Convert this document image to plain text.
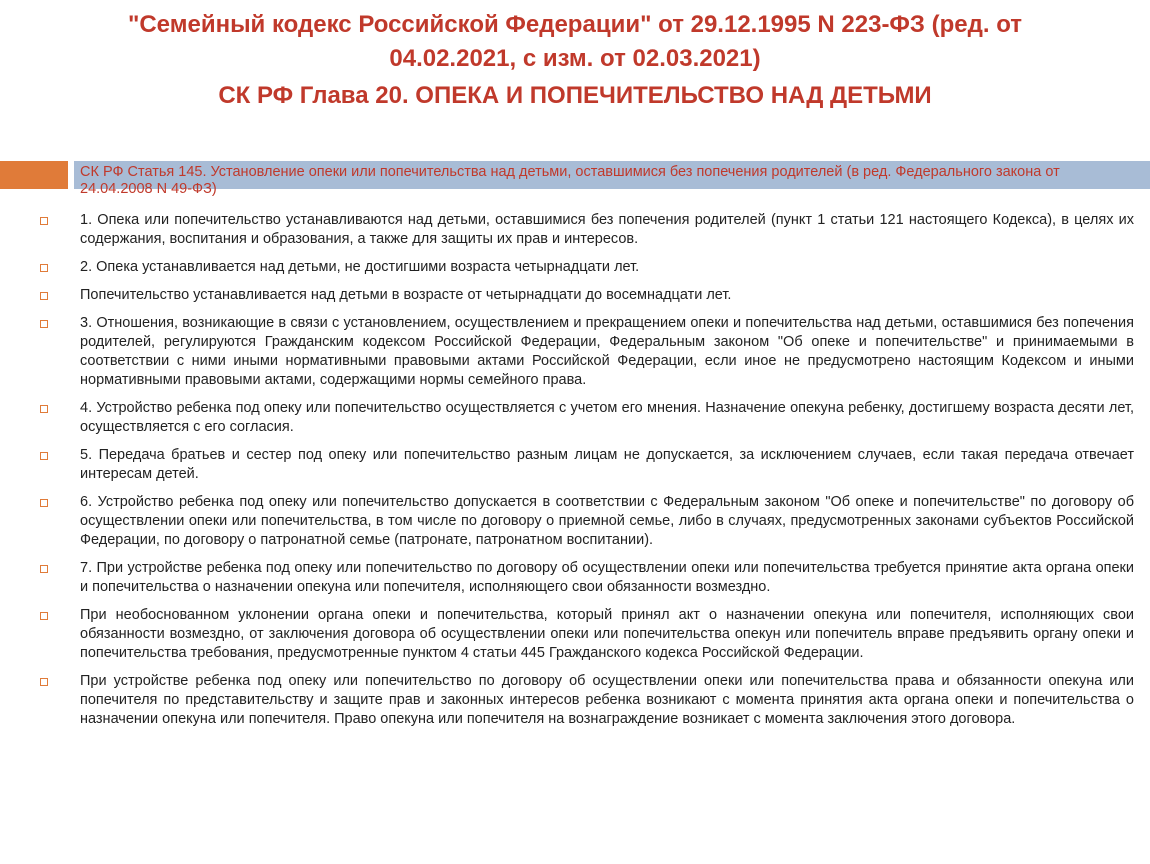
"Семейный кодекс Российской Федерации" от 29.12.1995 N 223-ФЗ (ред. от
04.02.2021, с изм. от 02.03.2021)
СК РФ Глава 20. ОПЕКА И ПОПЕЧИТЕЛЬСТВО НАД ДЕТЬМИ

СК РФ Статья 145. Установление опеки или попечительства над детьми, оставшимися без попечения родителей (в ред. Федерального закона от 24.04.2008 N 49-ФЗ)

1. Опека или попечительство устанавливаются над детьми, оставшимися без попечения родителей (пункт 1 статьи 121 настоящего Кодекса), в целях их содержания, воспитания и образования, а также для защиты их прав и интересов.
2. Опека устанавливается над детьми, не достигшими возраста четырнадцати лет.
Попечительство устанавливается над детьми в возрасте от четырнадцати до восемнадцати лет.
3. Отношения, возникающие в связи с установлением, осуществлением и прекращением опеки и попечительства над детьми, оставшимися без попечения родителей, регулируются Гражданским кодексом Российской Федерации, Федеральным законом "Об опеке и попечительстве" и принимаемыми в соответствии с ними иными нормативными правовыми актами Российской Федерации, если иное не предусмотрено настоящим Кодексом и иными нормативными правовыми актами, содержащими нормы семейного права.
4. Устройство ребенка под опеку или попечительство осуществляется с учетом его мнения. Назначение опекуна ребенку, достигшему возраста десяти лет, осуществляется с его согласия.
5. Передача братьев и сестер под опеку или попечительство разным лицам не допускается, за исключением случаев, если такая передача отвечает интересам детей.
6. Устройство ребенка под опеку или попечительство допускается в соответствии с Федеральным законом "Об опеке и попечительстве" по договору об осуществлении опеки или попечительства, в том числе по договору о приемной семье, либо в случаях, предусмотренных законами субъектов Российской Федерации, по договору о патронатной семье (патронате, патронатном воспитании).
7. При устройстве ребенка под опеку или попечительство по договору об осуществлении опеки или попечительства требуется принятие акта органа опеки и попечительства о назначении опекуна или попечителя, исполняющего свои обязанности возмездно.
При необоснованном уклонении органа опеки и попечительства, который принял акт о назначении опекуна или попечителя, исполняющих свои обязанности возмездно, от заключения договора об осуществлении опеки или попечительства опекун или попечитель вправе предъявить органу опеки и попечительства требования, предусмотренные пунктом 4 статьи 445 Гражданского кодекса Российской Федерации.
При устройстве ребенка под опеку или попечительство по договору об осуществлении опеки или попечительства права и обязанности опекуна или попечителя по представительству и защите прав и законных интересов ребенка возникают с момента принятия акта органа опеки и попечительства о назначении опекуна или попечителя. Право опекуна или попечителя на вознаграждение возникает с момента заключения этого договора.
